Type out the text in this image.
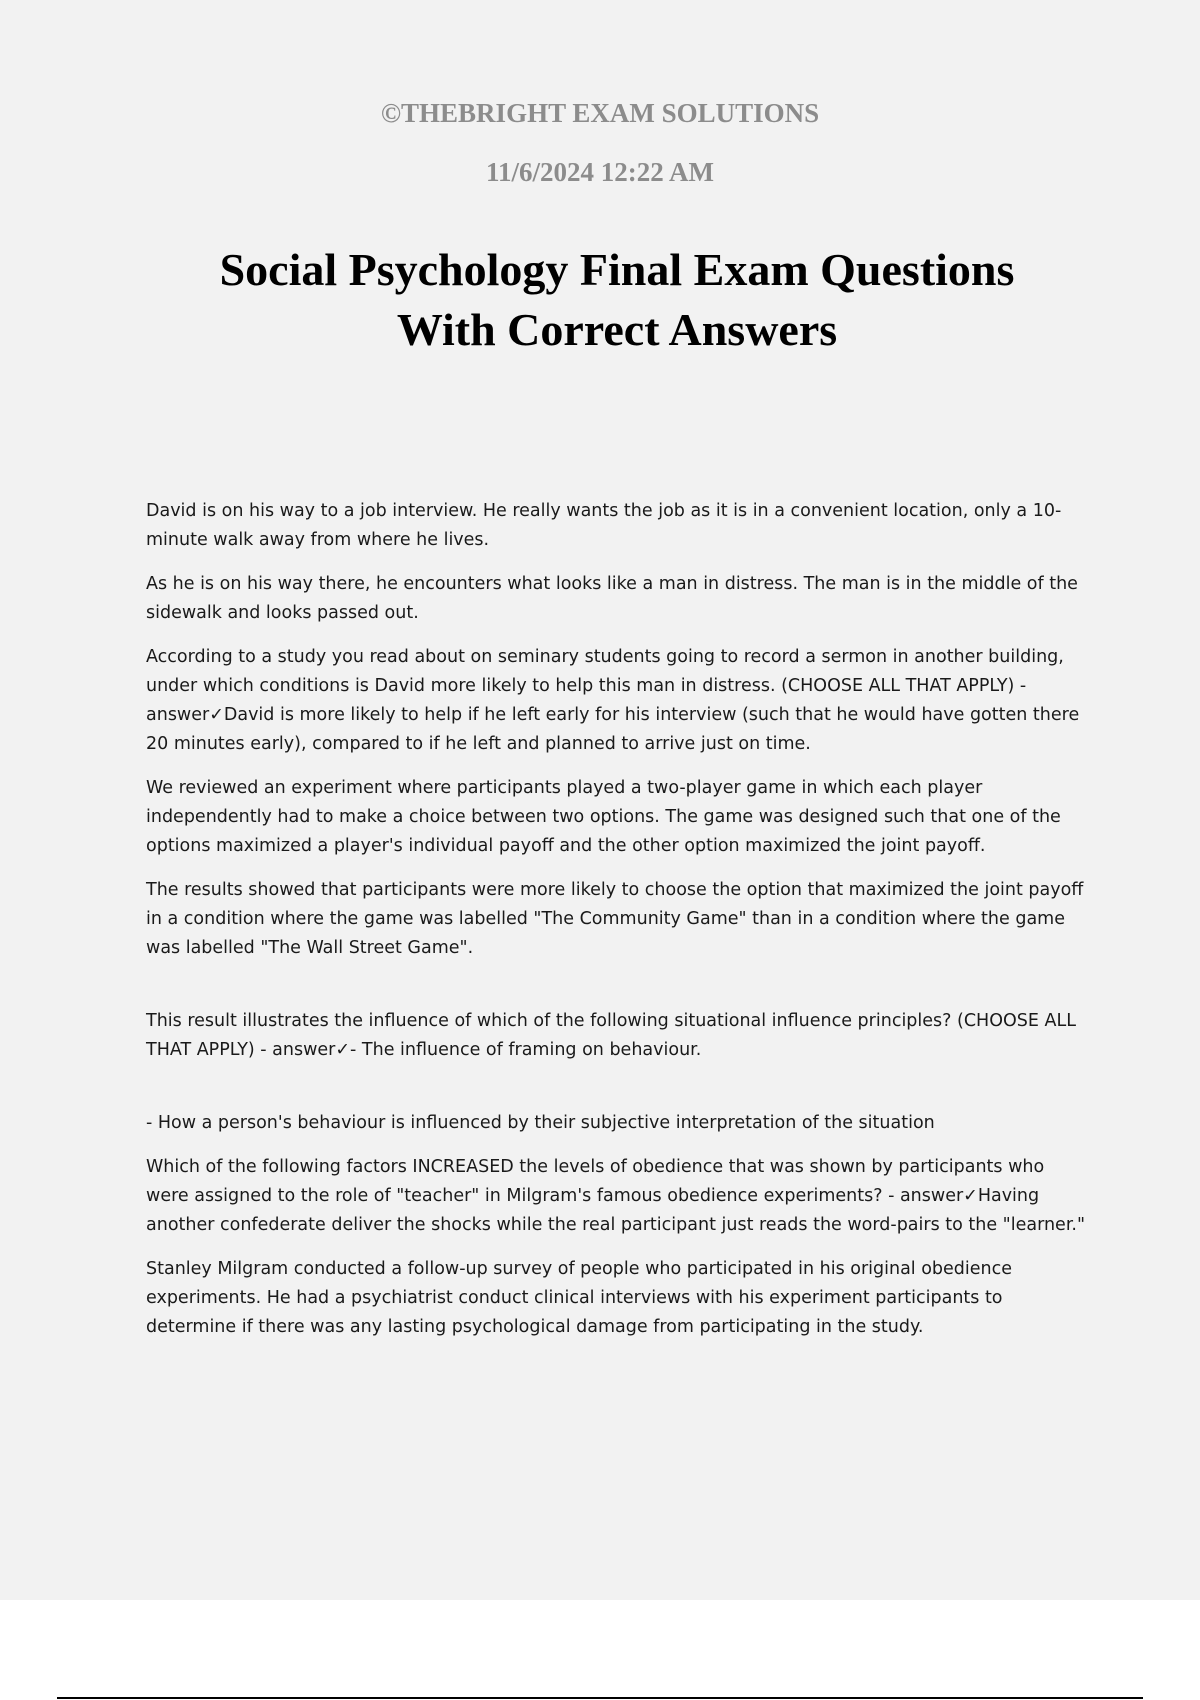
©THEBRIGHT EXAM SOLUTIONS

11/6/2024 12:22 AM

Social Psychology Final Exam Questions
With Correct Answers

David is on his way to a job interview. He really wants the job as it is in a convenient location, only a 10-minute walk away from where he lives.

As he is on his way there, he encounters what looks like a man in distress. The man is in the middle of the sidewalk and looks passed out.

According to a study you read about on seminary students going to record a sermon in another building, under which conditions is David more likely to help this man in distress. (CHOOSE ALL THAT APPLY) - answer✓David is more likely to help if he left early for his interview (such that he would have gotten there 20 minutes early), compared to if he left and planned to arrive just on time.

We reviewed an experiment where participants played a two-player game in which each player independently had to make a choice between two options. The game was designed such that one of the options maximized a player's individual payoff and the other option maximized the joint payoff.

The results showed that participants were more likely to choose the option that maximized the joint payoff in a condition where the game was labelled "The Community Game" than in a condition where the game was labelled "The Wall Street Game".

This result illustrates the influence of which of the following situational influence principles? (CHOOSE ALL THAT APPLY) - answer✓- The influence of framing on behaviour.

- How a person's behaviour is influenced by their subjective interpretation of the situation

Which of the following factors INCREASED the levels of obedience that was shown by participants who were assigned to the role of "teacher" in Milgram's famous obedience experiments? - answer✓Having another confederate deliver the shocks while the real participant just reads the word-pairs to the "learner."

Stanley Milgram conducted a follow-up survey of people who participated in his original obedience experiments. He had a psychiatrist conduct clinical interviews with his experiment participants to determine if there was any lasting psychological damage from participating in the study.
